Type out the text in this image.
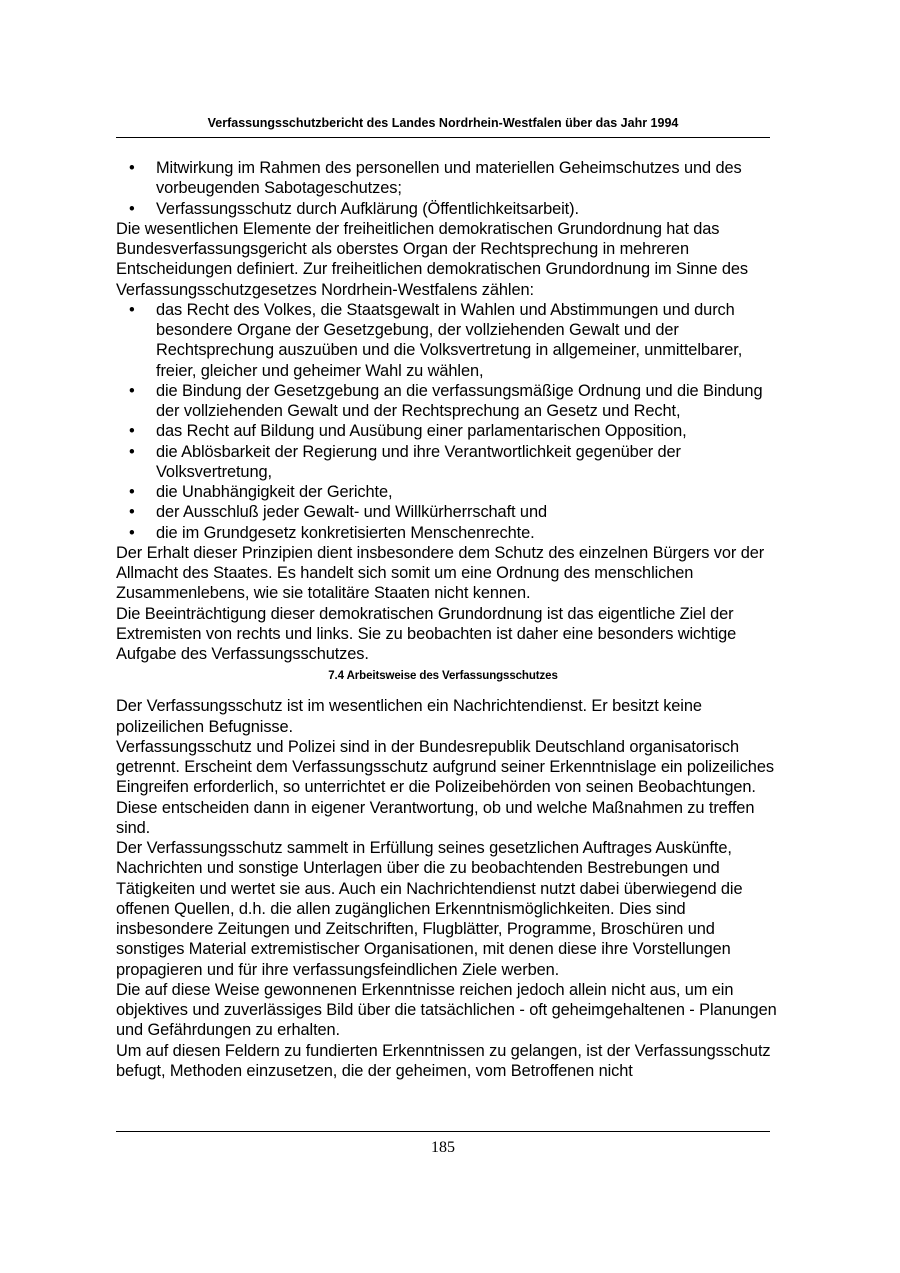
Verfassungsschutzbericht des Landes Nordrhein-Westfalen über das Jahr 1994
• Mitwirkung im Rahmen des personellen und materiellen Geheimschutzes und des vorbeugenden Sabotageschutzes;
• Verfassungsschutz durch Aufklärung (Öffentlichkeitsarbeit).

Die wesentlichen Elemente der freiheitlichen demokratischen Grundordnung hat das Bundesverfassungsgericht als oberstes Organ der Rechtsprechung in mehreren Entscheidungen definiert. Zur freiheitlichen demokratischen Grundordnung im Sinne des Verfassungsschutzgesetzes Nordrhein-Westfalens zählen:

• das Recht des Volkes, die Staatsgewalt in Wahlen und Abstimmungen und durch besondere Organe der Gesetzgebung, der vollziehenden Gewalt und der Rechtsprechung auszuüben und die Volksvertretung in allgemeiner, unmittelbarer, freier, gleicher und geheimer Wahl zu wählen,
• die Bindung der Gesetzgebung an die verfassungsmäßige Ordnung und die Bindung der vollziehenden Gewalt und der Rechtsprechung an Gesetz und Recht,
• das Recht auf Bildung und Ausübung einer parlamentarischen Opposition,
• die Ablösbarkeit der Regierung und ihre Verantwortlichkeit gegenüber der Volksvertretung,
• die Unabhängigkeit der Gerichte,
• der Ausschluß jeder Gewalt- und Willkürherrschaft und
• die im Grundgesetz konkretisierten Menschenrechte.

Der Erhalt dieser Prinzipien dient insbesondere dem Schutz des einzelnen Bürgers vor der Allmacht des Staates. Es handelt sich somit um eine Ordnung des menschlichen Zusammenlebens, wie sie totalitäre Staaten nicht kennen.

Die Beeinträchtigung dieser demokratischen Grundordnung ist das eigentliche Ziel der Extremisten von rechts und links. Sie zu beobachten ist daher eine besonders wichtige Aufgabe des Verfassungsschutzes.

7.4 Arbeitsweise des Verfassungsschutzes

Der Verfassungsschutz ist im wesentlichen ein Nachrichtendienst. Er besitzt keine polizeilichen Befugnisse.

Verfassungsschutz und Polizei sind in der Bundesrepublik Deutschland organisatorisch getrennt. Erscheint dem Verfassungsschutz aufgrund seiner Erkenntnislage ein polizeiliches Eingreifen erforderlich, so unterrichtet er die Polizeibehörden von seinen Beobachtungen. Diese entscheiden dann in eigener Verantwortung, ob und welche Maßnahmen zu treffen sind.

Der Verfassungsschutz sammelt in Erfüllung seines gesetzlichen Auftrages Auskünfte, Nachrichten und sonstige Unterlagen über die zu beobachtenden Bestrebungen und Tätigkeiten und wertet sie aus. Auch ein Nachrichtendienst nutzt dabei überwiegend die offenen Quellen, d.h. die allen zugänglichen Erkenntnismöglichkeiten. Dies sind insbesondere Zeitungen und Zeitschriften, Flugblätter, Programme, Broschüren und sonstiges Material extremistischer Organisationen, mit denen diese ihre Vorstellungen propagieren und für ihre verfassungsfeindlichen Ziele werben.

Die auf diese Weise gewonnenen Erkenntnisse reichen jedoch allein nicht aus, um ein objektives und zuverlässiges Bild über die tatsächlichen - oft geheimgehaltenen - Planungen und Gefährdungen zu erhalten.

Um auf diesen Feldern zu fundierten Erkenntnissen zu gelangen, ist der Verfassungsschutz befugt, Methoden einzusetzen, die der geheimen, vom Betroffenen nicht

185
